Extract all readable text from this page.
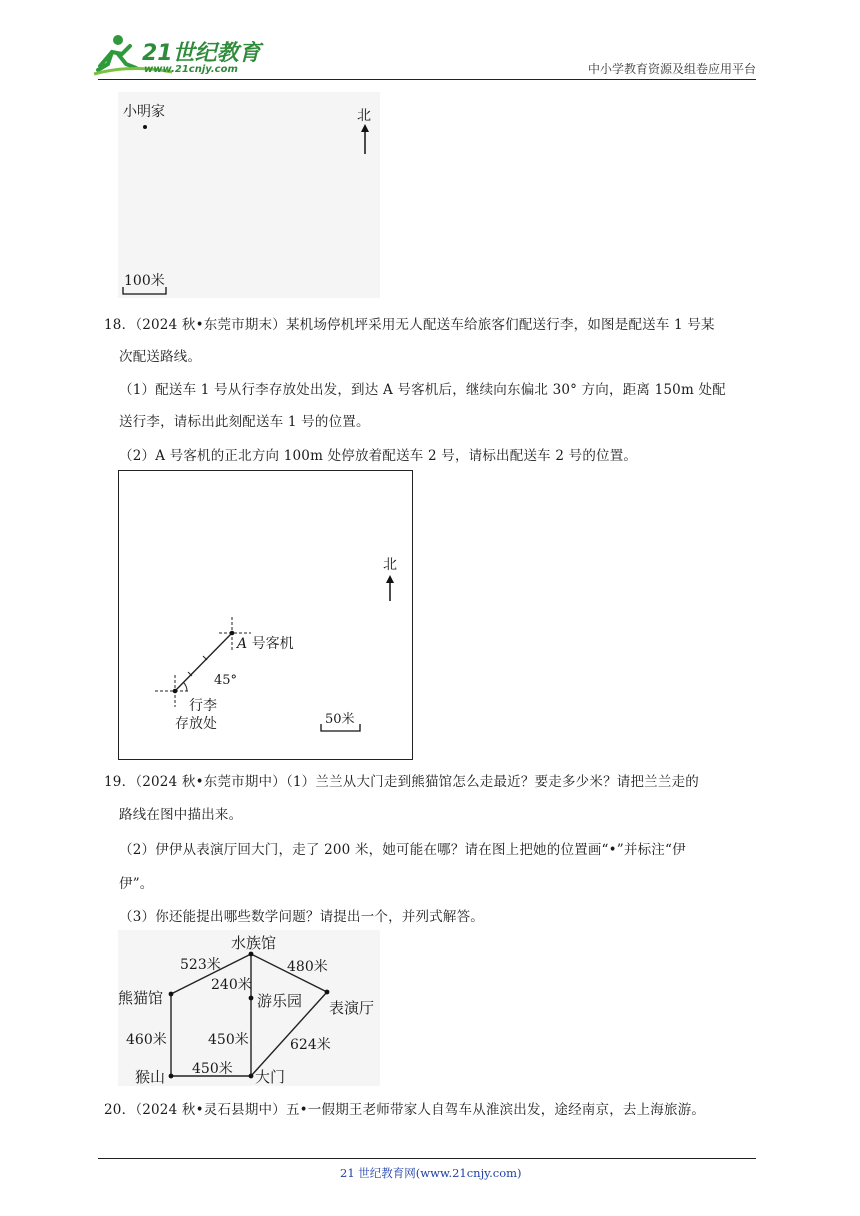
21世纪教育
www.21cnjy.com	中小学教育资源及组卷应用平台
小明家	北
100米
18．（2024 秋•东莞市期末）某机场停机坪采用无人配送车给旅客们配送行李，如图是配送车 1 号某
次配送路线。
（1）配送车 1 号从行李存放处出发，到达 A 号客机后，继续向东偏北 30° 方向，距离 150m 处配
送行李，请标出此刻配送车 1 号的位置。
（2）A 号客机的正北方向 100m 处停放着配送车 2 号，请标出配送车 2 号的位置。
北
A 号客机
45°
行李
存放处	50米
19．（2024 秋•东莞市期中）（1）兰兰从大门走到熊猫馆怎么走最近？要走多少米？请把兰兰走的
路线在图中描出来。
（2）伊伊从表演厅回大门，走了 200 米，她可能在哪？请在图上把她的位置画“•”并标注“伊
伊”。
（3）你还能提出哪些数学问题？请提出一个，并列式解答。
水族馆
熊猫馆	游乐园 表演厅
猴山	大门
523米	480米
240米
460米	450米
450米
624米
20．（2024 秋•灵石县期中）五•一假期王老师带家人自驾车从淮滨出发，途经南京，去上海旅游。
21 世纪教育网(www.21cnjy.com)
